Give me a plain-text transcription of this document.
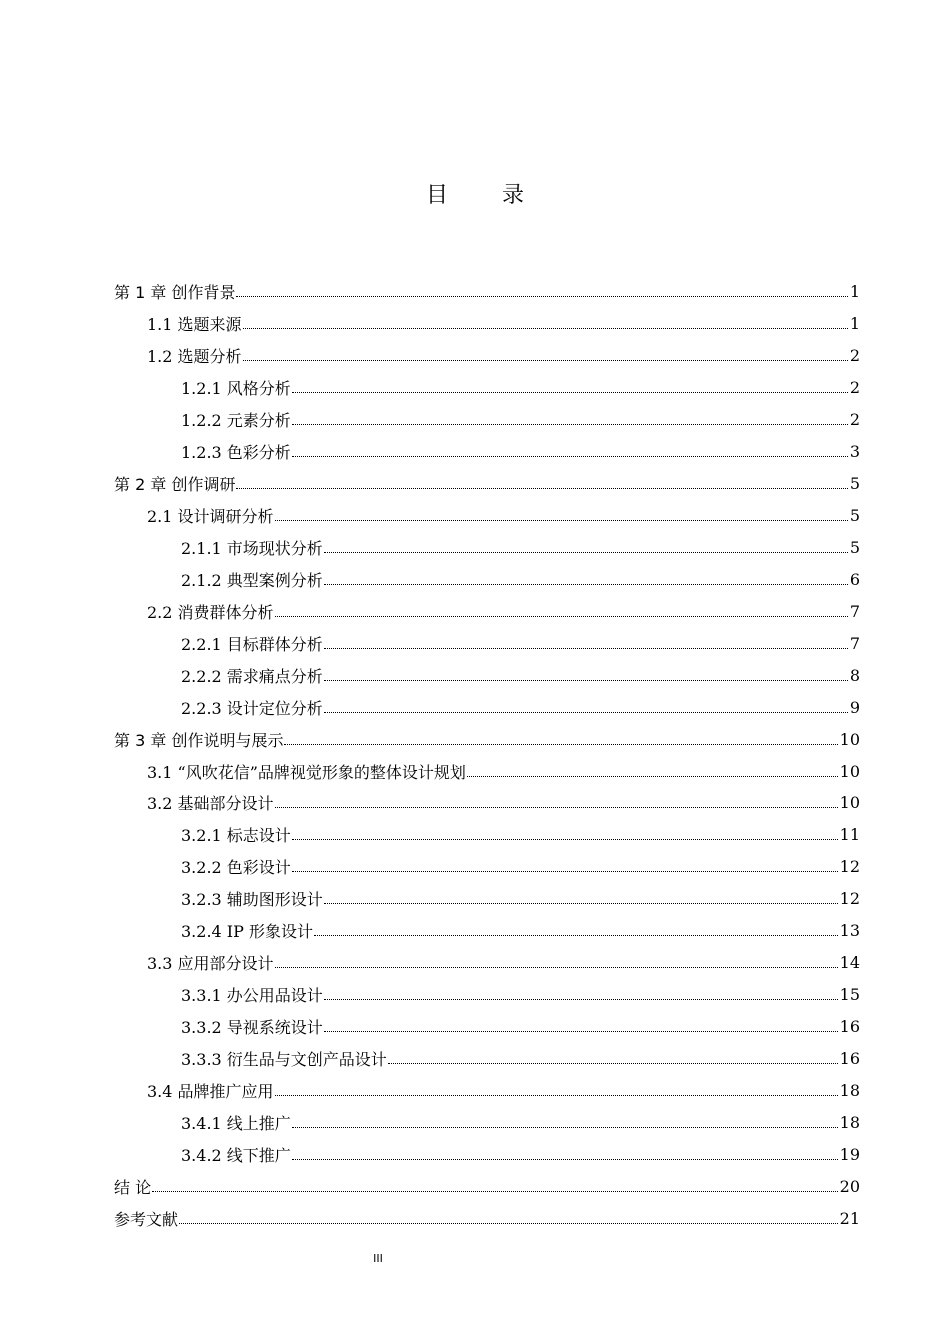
目 录
第 1 章 创作背景	1
1.1 选题来源	1
1.2 选题分析	2
1.2.1 风格分析	2
1.2.2 元素分析	2
1.2.3 色彩分析	3
第 2 章 创作调研	5
2.1 设计调研分析	5
2.1.1 市场现状分析	5
2.1.2 典型案例分析	6
2.2 消费群体分析	7
2.2.1 目标群体分析	7
2.2.2 需求痛点分析	8
2.2.3 设计定位分析	9
第 3 章 创作说明与展示	10
3.1 “风吹花信”品牌视觉形象的整体设计规划	10
3.2 基础部分设计	10
3.2.1 标志设计	11
3.2.2 色彩设计	12
3.2.3 辅助图形设计	12
3.2.4 IP 形象设计	13
3.3 应用部分设计	14
3.3.1 办公用品设计	15
3.3.2 导视系统设计	16
3.3.3 衍生品与文创产品设计	16
3.4 品牌推广应用	18
3.4.1 线上推广	18
3.4.2 线下推广	19
结 论	20
参考文献	21
III
